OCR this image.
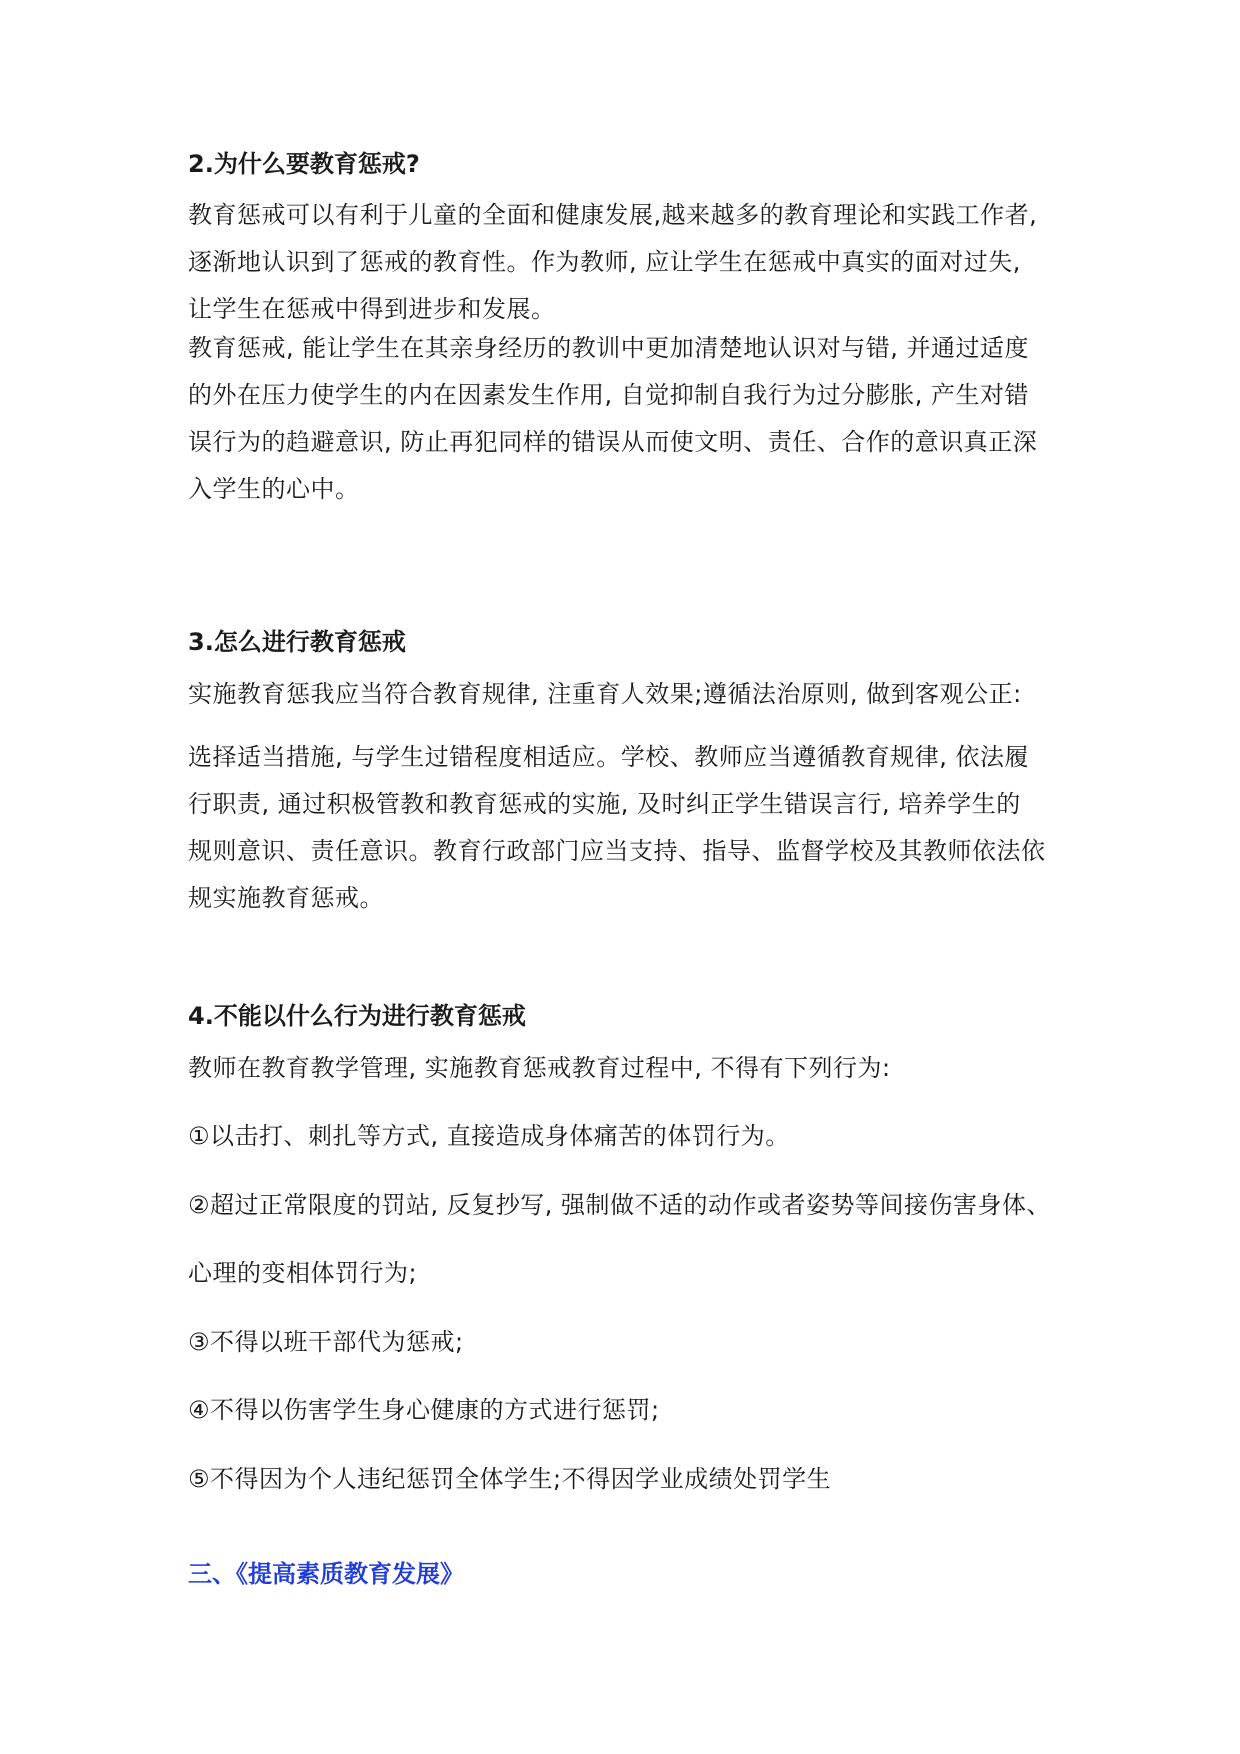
2.为什么要教育惩戒?
教育惩戒可以有利于儿童的全面和健康发展,越来越多的教育理论和实践工作者,
逐渐地认识到了惩戒的教育性。作为教师, 应让学生在惩戒中真实的面对过失,
让学生在惩戒中得到进步和发展。
教育惩戒, 能让学生在其亲身经历的教训中更加清楚地认识对与错, 并通过适度
的外在压力使学生的内在因素发生作用, 自觉抑制自我行为过分膨胀, 产生对错
误行为的趋避意识, 防止再犯同样的错误从而使文明、责任、合作的意识真正深
入学生的心中。
3.怎么进行教育惩戒
实施教育惩我应当符合教育规律, 注重育人效果;遵循法治原则, 做到客观公正:
选择适当措施, 与学生过错程度相适应。学校、教师应当遵循教育规律, 依法履
行职责, 通过积极管教和教育惩戒的实施, 及时纠正学生错误言行, 培养学生的
规则意识、责任意识。教育行政部门应当支持、指导、监督学校及其教师依法依
规实施教育惩戒。
4.不能以什么行为进行教育惩戒
教师在教育教学管理, 实施教育惩戒教育过程中, 不得有下列行为:
①以击打、刺扎等方式, 直接造成身体痛苦的体罚行为。
②超过正常限度的罚站, 反复抄写, 强制做不适的动作或者姿势等间接伤害身体、
心理的变相体罚行为;
③不得以班干部代为惩戒;
④不得以伤害学生身心健康的方式进行惩罚;
⑤不得因为个人违纪惩罚全体学生;不得因学业成绩处罚学生
三、《提高素质教育发展》
